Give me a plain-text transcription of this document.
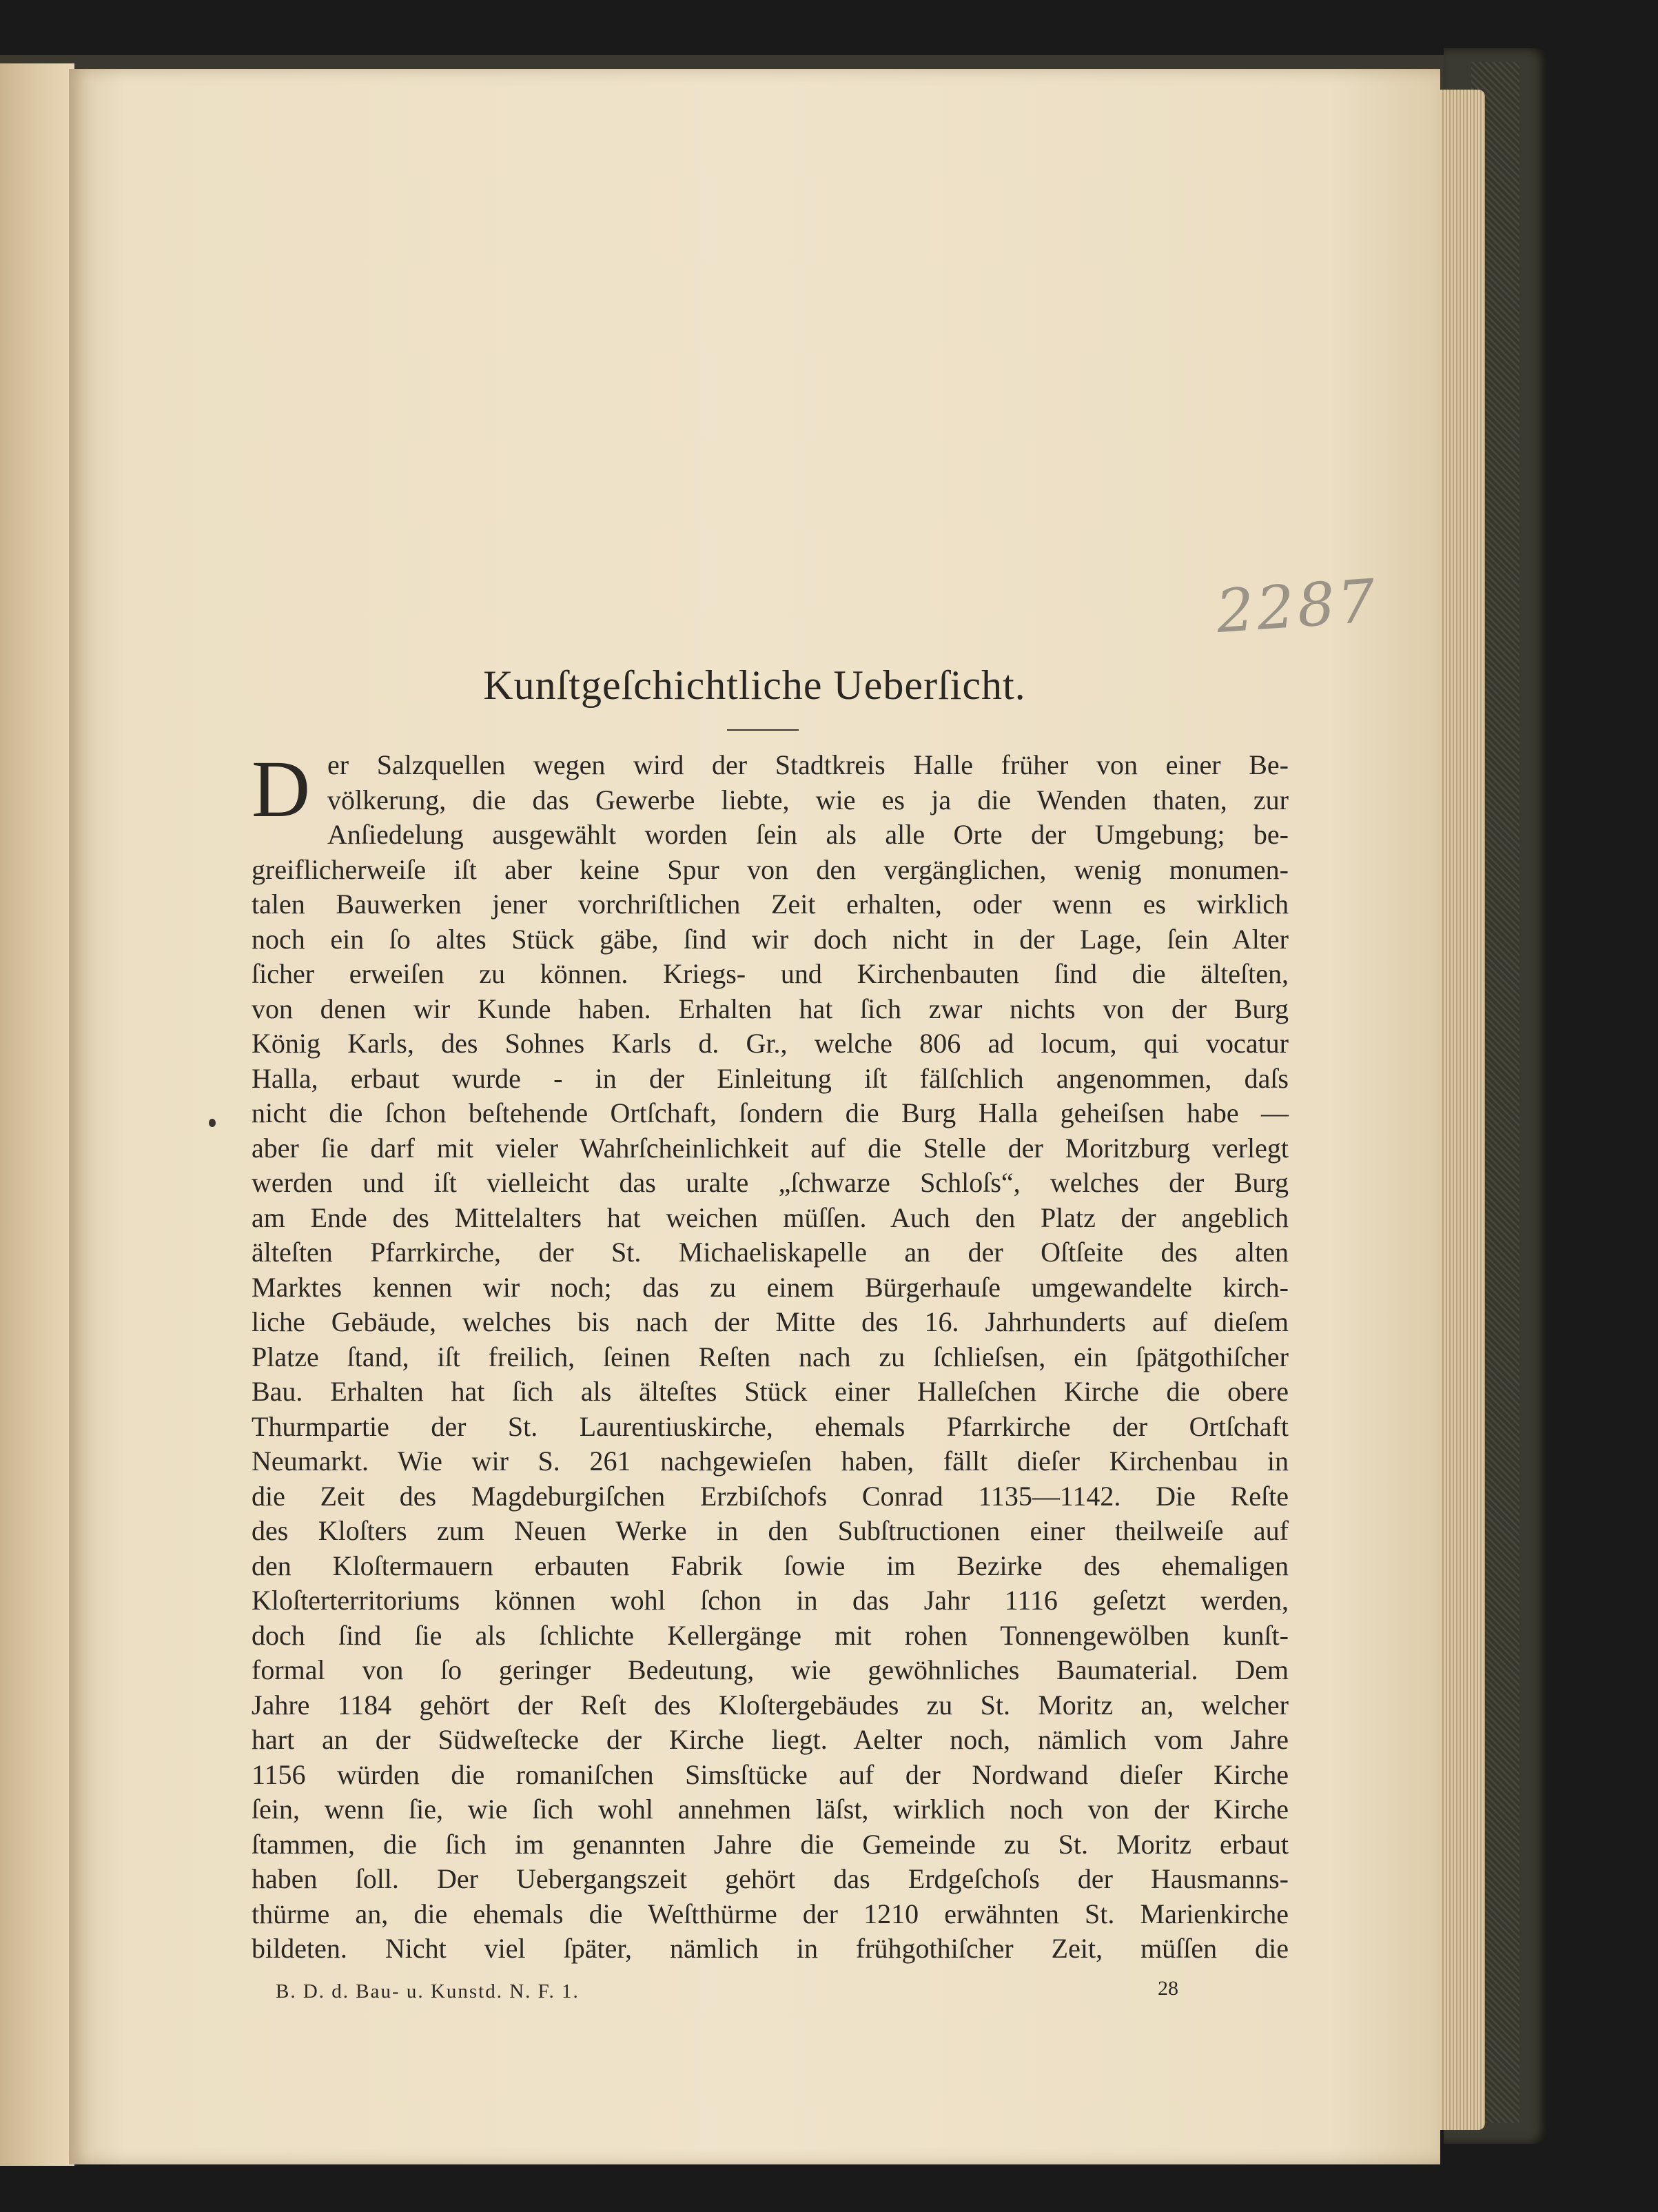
2287
Kunſtgeſchichtliche Ueberſicht.
D er Salzquellen wegen wird der Stadtkreis Halle früher von einer Be-
völkerung, die das Gewerbe liebte, wie es ja die Wenden thaten, zur
Anſiedelung ausgewählt worden ſein als alle Orte der Umgebung; be-
greiflicherweiſe iſt aber keine Spur von den vergänglichen, wenig monumen-
talen Bauwerken jener vorchriſtlichen Zeit erhalten, oder wenn es wirklich
noch ein ſo altes Stück gäbe, ſind wir doch nicht in der Lage, ſein Alter
ſicher erweiſen zu können. Kriegs- und Kirchenbauten ſind die älteſten,
von denen wir Kunde haben. Erhalten hat ſich zwar nichts von der Burg
König Karls, des Sohnes Karls d. Gr., welche 806 ad locum, qui vocatur
Halla, erbaut wurde - in der Einleitung iſt fälſchlich angenommen, daſs
nicht die ſchon beſtehende Ortſchaft, ſondern die Burg Halla geheiſsen habe —
aber ſie darf mit vieler Wahrſcheinlichkeit auf die Stelle der Moritzburg verlegt
werden und iſt vielleicht das uralte „ſchwarze Schloſs“, welches der Burg
am Ende des Mittelalters hat weichen müſſen. Auch den Platz der angeblich
älteſten Pfarrkirche, der St. Michaeliskapelle an der Oſtſeite des alten
Marktes kennen wir noch; das zu einem Bürgerhauſe umgewandelte kirch-
liche Gebäude, welches bis nach der Mitte des 16. Jahrhunderts auf dieſem
Platze ſtand, iſt freilich, ſeinen Reſten nach zu ſchlieſsen, ein ſpätgothiſcher
Bau. Erhalten hat ſich als älteſtes Stück einer Halleſchen Kirche die obere
Thurmpartie der St. Laurentiuskirche, ehemals Pfarrkirche der Ortſchaft
Neumarkt. Wie wir S. 261 nachgewieſen haben, fällt dieſer Kirchenbau in
die Zeit des Magdeburgiſchen Erzbiſchofs Conrad 1135—1142. Die Reſte
des Kloſters zum Neuen Werke in den Subſtructionen einer theilweiſe auf
den Kloſtermauern erbauten Fabrik ſowie im Bezirke des ehemaligen
Kloſterterritoriums können wohl ſchon in das Jahr 1116 geſetzt werden,
doch ſind ſie als ſchlichte Kellergänge mit rohen Tonnengewölben kunſt-
formal von ſo geringer Bedeutung, wie gewöhnliches Baumaterial. Dem
Jahre 1184 gehört der Reſt des Kloſtergebäudes zu St. Moritz an, welcher
hart an der Südweſtecke der Kirche liegt. Aelter noch, nämlich vom Jahre
1156 würden die romaniſchen Simsſtücke auf der Nordwand dieſer Kirche
ſein, wenn ſie, wie ſich wohl annehmen läſst, wirklich noch von der Kirche
ſtammen, die ſich im genannten Jahre die Gemeinde zu St. Moritz erbaut
haben ſoll. Der Uebergangszeit gehört das Erdgeſchoſs der Hausmanns-
thürme an, die ehemals die Weſtthürme der 1210 erwähnten St. Marienkirche
bildeten. Nicht viel ſpäter, nämlich in frühgothiſcher Zeit, müſſen die
B. D. d. Bau- u. Kunstd. N. F. 1.	28
